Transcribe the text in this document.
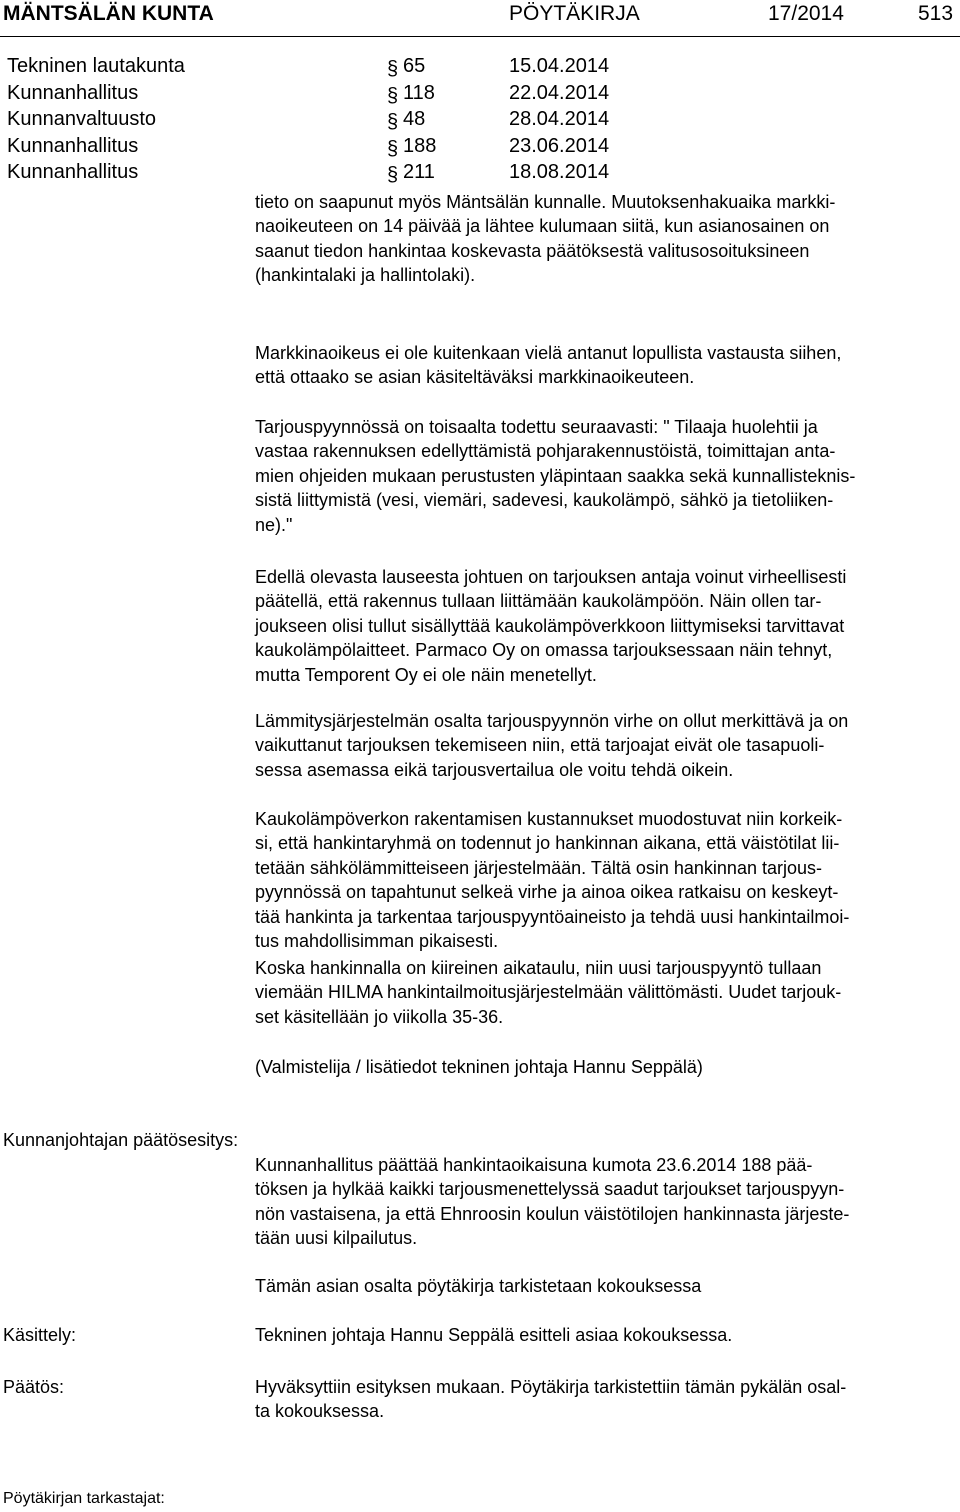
MÄNTSÄLÄN KUNTA	PÖYTÄKIRJA	17/2014	513
Tekninen lautakunta	§ 65	15.04.2014
Kunnanhallitus	§ 118	22.04.2014
Kunnanvaltuusto	§ 48	28.04.2014
Kunnanhallitus	§ 188	23.06.2014
Kunnanhallitus	§ 211	18.08.2014
tieto on saapunut myös Mäntsälän kunnalle. Muutoksenhakuaika markki-
naoikeuteen on 14 päivää ja lähtee kulumaan siitä, kun asianosainen on
saanut tiedon hankintaa koskevasta päätöksestä valitusosoituksineen
(hankintalaki ja hallintolaki).
Markkinaoikeus ei ole kuitenkaan vielä antanut lopullista vastausta siihen,
että ottaako se asian käsiteltäväksi markkinaoikeuteen.
Tarjouspyynnössä on toisaalta todettu seuraavasti: " Tilaaja huolehtii ja
vastaa rakennuksen edellyttämistä pohjarakennustöistä, toimittajan anta-
mien ohjeiden mukaan perustusten yläpintaan saakka sekä kunnallisteknis-
sistä liittymistä (vesi, viemäri, sadevesi, kaukolämpö, sähkö ja tietoliiken-
ne)."
Edellä olevasta lauseesta johtuen on tarjouksen antaja voinut virheellisesti
päätellä, että rakennus tullaan liittämään kaukolämpöön. Näin ollen tar-
joukseen olisi tullut sisällyttää kaukolämpöverkkoon liittymiseksi tarvittavat
kaukolämpölaitteet. Parmaco Oy on omassa tarjouksessaan näin tehnyt,
mutta Temporent Oy ei ole näin menetellyt.
Lämmitysjärjestelmän osalta tarjouspyynnön virhe on ollut merkittävä ja on
vaikuttanut tarjouksen tekemiseen niin, että tarjoajat eivät ole tasapuoli-
sessa asemassa eikä tarjousvertailua ole voitu tehdä oikein.
Kaukolämpöverkon rakentamisen kustannukset muodostuvat niin korkeik-
si, että hankintaryhmä on todennut jo hankinnan aikana, että väistötilat lii-
tetään sähkölämmitteiseen järjestelmään. Tältä osin hankinnan tarjous-
pyynnössä on tapahtunut selkeä virhe ja ainoa oikea ratkaisu on keskeyt-
tää hankinta ja tarkentaa tarjouspyyntöaineisto ja tehdä uusi hankintailmoi-
tus mahdollisimman pikaisesti.
Koska hankinnalla on kiireinen aikataulu, niin uusi tarjouspyyntö tullaan
viemään HILMA hankintailmoitusjärjestelmään välittömästi. Uudet tarjouk-
set käsitellään jo viikolla 35-36.
(Valmistelija / lisätiedot tekninen johtaja Hannu Seppälä)
Kunnanjohtajan päätösesitys:
Kunnanhallitus päättää hankintaoikaisuna kumota 23.6.2014 188 pää-
töksen ja hylkää kaikki tarjousmenettelyssä saadut tarjoukset tarjouspyyn-
nön vastaisena, ja että Ehnroosin koulun väistötilojen hankinnasta järjeste-
tään uusi kilpailutus.
Tämän asian osalta pöytäkirja tarkistetaan kokouksessa
Käsittely:	Tekninen johtaja Hannu Seppälä esitteli asiaa kokouksessa.
Päätös:	Hyväksyttiin esityksen mukaan. Pöytäkirja tarkistettiin tämän pykälän osal-
ta kokouksessa.
Pöytäkirjan tarkastajat:
